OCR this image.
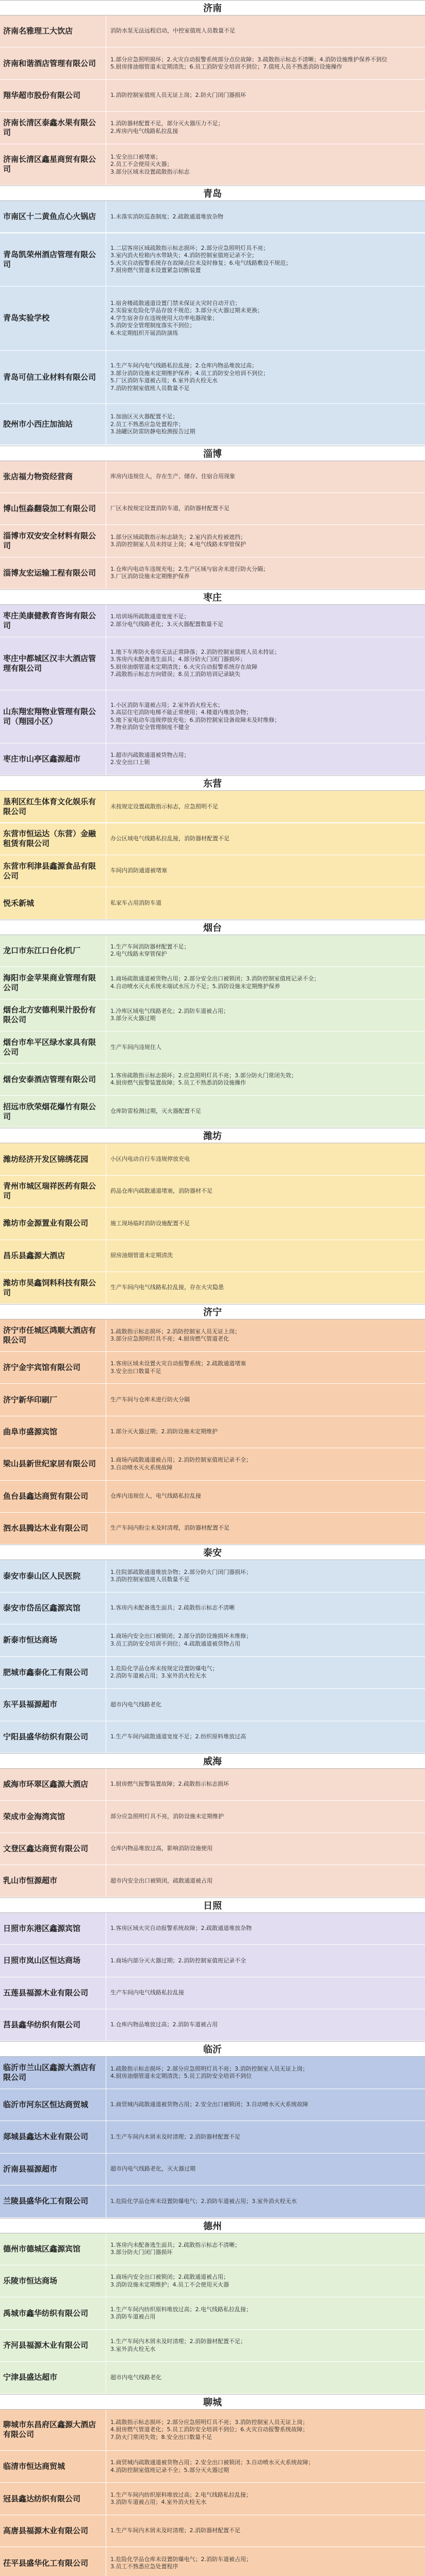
济南
济南名雅理工大饮店	消防水泵无法远程启动，中控室值班人员数量不足
济南和谐酒店管理有限公司	1.部分应急照明损坏；2.火灾自动报警系统部分点位故障；3.疏散指示标志不清晰；4.消防设施维护保养不到位
5.厨房排油烟管道未定期清洗；6.员工消防安全培训不到位；7.值班人员不熟悉消防设施操作
翔华超市股份有限公司	1.消防控制室值班人员无证上岗；2.防火门闭门器损坏
济南长清区泰鑫水果有限公司
1.消防器材配置不足，部分灭火器压力不足；
2.库房内电气线路私拉乱接
济南长清区鑫星商贸有限公司
1.安全出口被堵塞；
2.员工不会使用灭火器；
3.部分区域未设置疏散指示标志
青岛
市南区十二黄鱼点心火锅店	1.未落实消防巡查制度；2.疏散通道堆放杂物
青岛凯荣州酒店管理有限公司
1.二层客房区域疏散指示标志损坏；2.部分应急照明灯具不亮；
3.室内消火栓箱内水带缺失；4.消防控制室值班记录不全；
5.火灾自动报警系统存在故障点位未及时修复；6.电气线路敷设不规范；
7.厨房燃气管道未设置紧急切断装置
青岛实验学校
1.宿舍楼疏散通道设置门禁未保证火灾时自动开启；
2.实验室危险化学品存放不规范；3.部分灭火器过期未更换；
4.学生宿舍存在违规使用大功率电器现象；
5.消防安全管理制度落实不到位；
6.未定期组织开展消防演练
青岛可信工业材料有限公司
1.生产车间内电气线路私拉乱接；2.仓库内物品堆放过高；
3.部分消防设施未定期维护保养；4.员工消防安全培训不到位；
5.厂区消防车道被占用；6.室外消火栓无水
7.消防控制室值班人员数量不足
胶州市小西庄加油站
1.加油区灭火器配置不足；
2.员工不熟悉应急处置程序；
3.油罐区防雷防静电检测报告过期
淄博
张店福力物资经营商	库房内违规住人，存在生产、储存、住宿合用现象
博山恒淼翻袋加工有限公司	厂区未按规定设置消防车道，消防器材配置不足
淄博市双安安全材料有限公司
1.部分区域疏散指示标志缺失；2.室内消火栓被遮挡；
3.消防控制室人员未持证上岗；4.电气线路未穿管保护
淄博友宏运输工程有限公司	1.仓库内电动车违规充电；2.生产区域与宿舍未进行防火分隔；
3.厂区消防设施未定期维护保养
枣庄
枣庄美康健教育咨询有限公司
1.培训场所疏散通道宽度不足；
2.部分电气线路老化；3.灭火器配置数量不足
枣庄中都城区汉丰大酒店管理有限公司
1.地下车库防火卷帘无法正常降落；2.消防控制室值班人员未持证；
3.客房内未配备逃生面具；4.部分防火门闭门器损坏；
5.厨房油烟管道未定期清洗；6.火灾自动报警系统存在故障
7.疏散指示标志方向错误；8.员工消防培训记录缺失
山东翔宏翔物业管理有限公司（翔园小区）
1.小区消防车道被占用；2.室外消火栓无水；
3.高层住宅消防电梯不能正常使用；4.楼道内堆放杂物；
5.地下室电动车违规停放充电；6.消防控制室设备故障未及时维修；
7.物业消防安全管理制度不健全
枣庄市山亭区鑫源超市	1.超市内疏散通道被货物占用；
2.安全出口上锁
东营
垦利区红生体育文化娱乐有限公司
未按规定设置疏散指示标志，应急照明不足
东营市恒运达（东营）金融租赁有限公司
办公区域电气线路私拉乱接，消防器材配置不足
东营市利津县鑫源食品有限公司
车间内消防通道被堵塞
悦禾新城	私家车占用消防车道
烟台
龙口市东江口台化机厂	1.生产车间消防器材配置不足；
2.电气线路未穿管保护
海阳市金苹果商业管理有限公司
1.商场疏散通道被货物占用；2.部分安全出口被锁闭；3.消防控制室值班记录不全；
4.自动喷水灭火系统末端试水压力不足；5.消防设施未定期维护保养
烟台北方安德利果汁股份有限公司
1.冷库区域电气线路老化；2.消防车道被占用；
3.部分灭火器过期
烟台市牟平区绿水家具有限公司
生产车间内违规住人
烟台安泰酒店管理有限公司	1.客房疏散指示标志损坏；2.应急照明灯具不亮；3.部分防火门常闭失效；
4.厨房燃气报警装置故障；5.员工不熟悉消防设施操作
招远市欣荣烟花爆竹有限公司
仓库防雷检测过期，灭火器配置不足
潍坊
潍坊经济开发区锦绣花园	小区内电动自行车违规停放充电
青州市城区瑞祥医药有限公司
药品仓库内疏散通道堵塞，消防器材不足
潍坊市金源置业有限公司	施工现场临时消防设施配置不足
昌乐县鑫源大酒店	厨房油烟管道未定期清洗
潍坊市昊鑫饲料科技有限公司
生产车间内电气线路私拉乱接，存在火灾隐患
济宁
济宁市任城区鸿顺大酒店有限公司
1.疏散指示标志损坏；2.消防控制室人员无证上岗；
3.部分应急照明灯具不亮；4.厨房燃气管道老化
济宁金宇宾馆有限公司	1.客房区域未设置火灾自动报警系统；2.疏散通道堵塞
3.安全出口数量不足
济宁新华印刷厂	生产车间与仓库未进行防火分隔
曲阜市盛源宾馆	1.部分灭火器过期；2.消防设施未定期维护
梁山县新世纪家居有限公司	1.商场内疏散通道被占用；2.消防控制室值班记录不全；
3.自动喷水灭火系统故障
鱼台县鑫达商贸有限公司	仓库内违规住人，电气线路私拉乱接
泗水县腾达木业有限公司	生产车间内粉尘未及时清理，消防器材配置不足
泰安
泰安市泰山区人民医院	1.住院部疏散通道堆放杂物；2.部分防火门闭门器损坏；
3.消防控制室值班人员数量不足
泰安市岱岳区鑫源宾馆	1.客房内未配备逃生面具；2.疏散指示标志不清晰
新泰市恒达商场	1.商场内安全出口被锁闭；2.部分消防设施损坏未维修；
3.员工消防安全培训不到位；4.疏散通道被货物占用
肥城市鑫泰化工有限公司	1.危险化学品仓库未按规定设置防爆电气；
2.消防车道被占用；3.室外消火栓无水
东平县福源超市	超市内电气线路老化
宁阳县盛华纺织有限公司	1.生产车间内疏散通道宽度不足；2.纺织原料堆放过高
威海
威海市环翠区鑫源大酒店	1.厨房燃气报警装置故障；2.疏散指示标志损坏
荣成市金海湾宾馆	部分应急照明灯具不亮，消防设施未定期维护
文登区鑫达商贸有限公司	仓库内物品堆放过高，影响消防设施使用
乳山市恒源超市	超市内安全出口被锁闭，疏散通道被占用
日照
日照市东港区鑫源宾馆	1.客房区域火灾自动报警系统故障；2.疏散通道堆放杂物
日照市岚山区恒达商场	1.商场内部分灭火器过期；2.消防控制室值班记录不全
五莲县福源木业有限公司	生产车间内电气线路私拉乱接
莒县鑫华纺织有限公司	1.仓库内物品堆放过高；2.消防车道被占用
临沂
临沂市兰山区鑫源大酒店有限公司
1.疏散指示标志损坏；2.部分应急照明灯具不亮；3.消防控制室人员无证上岗；
4.厨房油烟管道未定期清洗；5.员工消防安全培训不到位
临沂市河东区恒达商贸城	1.商贸城内疏散通道被货物占用；2.安全出口被锁闭；3.自动喷水灭火系统故障
郯城县鑫达木业有限公司	1.生产车间内木屑未及时清理；2.消防器材配置不足
沂南县福源超市	超市内电气线路老化，灭火器过期
兰陵县盛华化工有限公司	1.危险化学品仓库未设置防爆电气；2.消防车道被占用；3.室外消火栓无水
德州
德州市德城区鑫源宾馆	1.客房内未配备逃生面具；2.疏散指示标志不清晰；
3.部分防火门闭门器损坏
乐陵市恒达商场	1.商场内安全出口被锁闭；2.疏散通道被占用；
3.消防设施未定期维护；4.员工不会使用灭火器
禹城市鑫华纺织有限公司	1.生产车间内纺织原料堆放过高；2.电气线路私拉乱接；
3.消防车道被占用
齐河县福源木业有限公司	1.生产车间内木屑未及时清理；2.消防器材配置不足；
3.室外消火栓无水
宁津县盛达超市	超市内电气线路老化
聊城
聊城市东昌府区鑫源大酒店有限公司
1.疏散指示标志损坏；2.部分应急照明灯具不亮；3.消防控制室人员无证上岗；
4.厨房燃气管道老化；5.员工消防安全培训不到位；6.火灾自动报警系统故障；
7.防火门常闭失效；8.安全出口数量不足
临清市恒达商贸城	1.商贸城内疏散通道被货物占用；2.安全出口被锁闭；3.自动喷水灭火系统故障；
4.消防控制室值班记录不全；5.部分灭火器过期
冠县鑫达纺织有限公司	1.生产车间内纺织原料堆放过高；2.电气线路私拉乱接；
3.消防车道被占用；4.室外消火栓无水
高唐县福源木业有限公司	1.生产车间内木屑未及时清理；2.消防器材配置不足
茌平县盛华化工有限公司	1.危险化学品仓库未设置防爆电气；2.消防车道被占用；
3.员工不熟悉应急处置程序
